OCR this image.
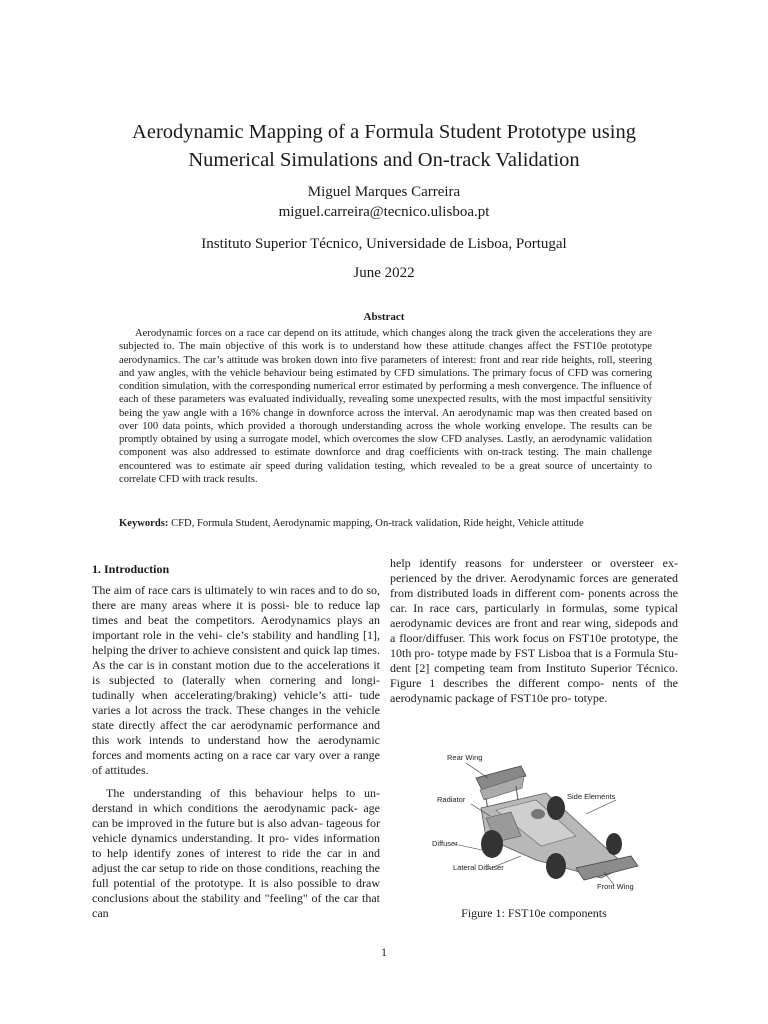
Aerodynamic Mapping of a Formula Student Prototype using
Numerical Simulations and On-track Validation
Miguel Marques Carreira
miguel.carreira@tecnico.ulisboa.pt
Instituto Superior Técnico, Universidade de Lisboa, Portugal
June 2022
Abstract
Aerodynamic forces on a race car depend on its attitude, which changes along the track given the accelerations they are subjected to. The main objective of this work is to understand how these attitude changes affect the FST10e prototype aerodynamics. The car’s attitude was broken down into five parameters of interest: front and rear ride heights, roll, steering and yaw angles, with the vehicle behaviour being estimated by CFD simulations. The primary focus of CFD was cornering condition simulation, with the corresponding numerical error estimated by performing a mesh convergence. The influence of each of these parameters was evaluated individually, revealing some unexpected results, with the most impactful sensitivity being the yaw angle with a 16% change in downforce across the interval. An aerodynamic map was then created based on over 100 data points, which provided a thorough understanding across the whole working envelope. The results can be promptly obtained by using a surrogate model, which overcomes the slow CFD analyses. Lastly, an aerodynamic validation component was also addressed to estimate downforce and drag coefficients with on-track testing. The main challenge encountered was to estimate air speed during validation testing, which revealed to be a great source of uncertainty to correlate CFD with track results.
Keywords: CFD, Formula Student, Aerodynamic mapping, On-track validation, Ride height, Vehicle attitude
1. Introduction

The aim of race cars is ultimately to win races and to do so, there are many areas where it is possi- ble to reduce lap times and beat the competitors. Aerodynamics plays an important role in the vehi- cle’s stability and handling [1], helping the driver to achieve consistent and quick lap times. As the car is in constant motion due to the accelerations it is subjected to (laterally when cornering and longi- tudinally when accelerating/braking) vehicle’s atti- tude varies a lot across the track. These changes in the vehicle state directly affect the car aerodynamic performance and this work intends to understand how the aerodynamic forces and moments acting on a race car vary over a range of attitudes.

The understanding of this behaviour helps to un- derstand in which conditions the aerodynamic pack- age can be improved in the future but is also advan- tageous for vehicle dynamics understanding. It pro- vides information to help identify zones of interest to ride the car in and adjust the car setup to ride on those conditions, reaching the full potential of the prototype. It is also possible to draw conclusions about the stability and "feeling" of the car that can

help identify reasons for understeer or oversteer ex- perienced by the driver. Aerodynamic forces are generated from distributed loads in different com- ponents across the car. In race cars, particularly in formulas, some typical aerodynamic devices are front and rear wing, sidepods and a floor/diffuser. This work focus on FST10e prototype, the 10th pro- totype made by FST Lisboa that is a Formula Stu- dent [2] competing team from Instituto Superior Técnico. Figure 1 describes the different compo- nents of the aerodynamic package of FST10e pro- totype.

Rear Wing
Radiator	Side Elements
Diffuser
Lateral Diffuser
Front Wing
Figure 1: FST10e components
1
